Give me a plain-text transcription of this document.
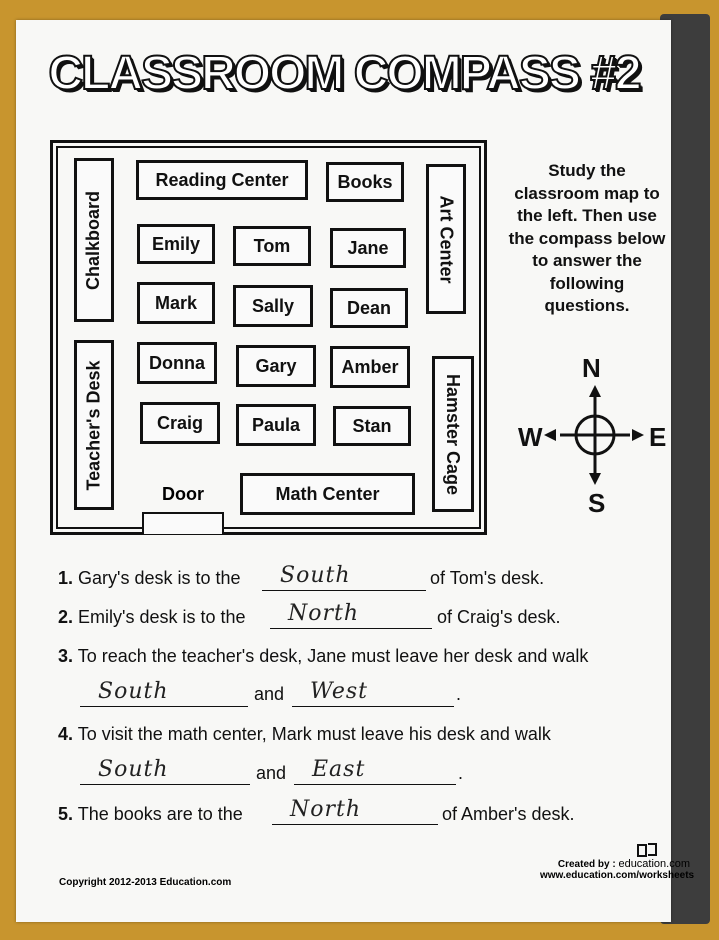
CLASSROOM COMPASS #2
Reading Center	Books
Chalkboard	Art Center
Teacher's Desk	Hamster Cage
Emily	Tom	Jane
Mark	Sally	Dean
Donna	Gary Amber
Craig	Paula	Stan
Math Center
Door
Study the classroom map to the left. Then use the compass below to answer the following questions.
N
S
W	E
1. Gary's desk is to the South	of Tom's desk.
2. Emily's desk is to the North	of Craig's desk.
3. To reach the teacher's desk, Jane must leave her desk and walk
South	and West	.
4. To visit the math center, Mark must leave his desk and walk
South	and East	.
5. The books are to the North	of Amber's desk.
Copyright 2012-2013 Education.com
Created by : education.com
www.education.com/worksheets
